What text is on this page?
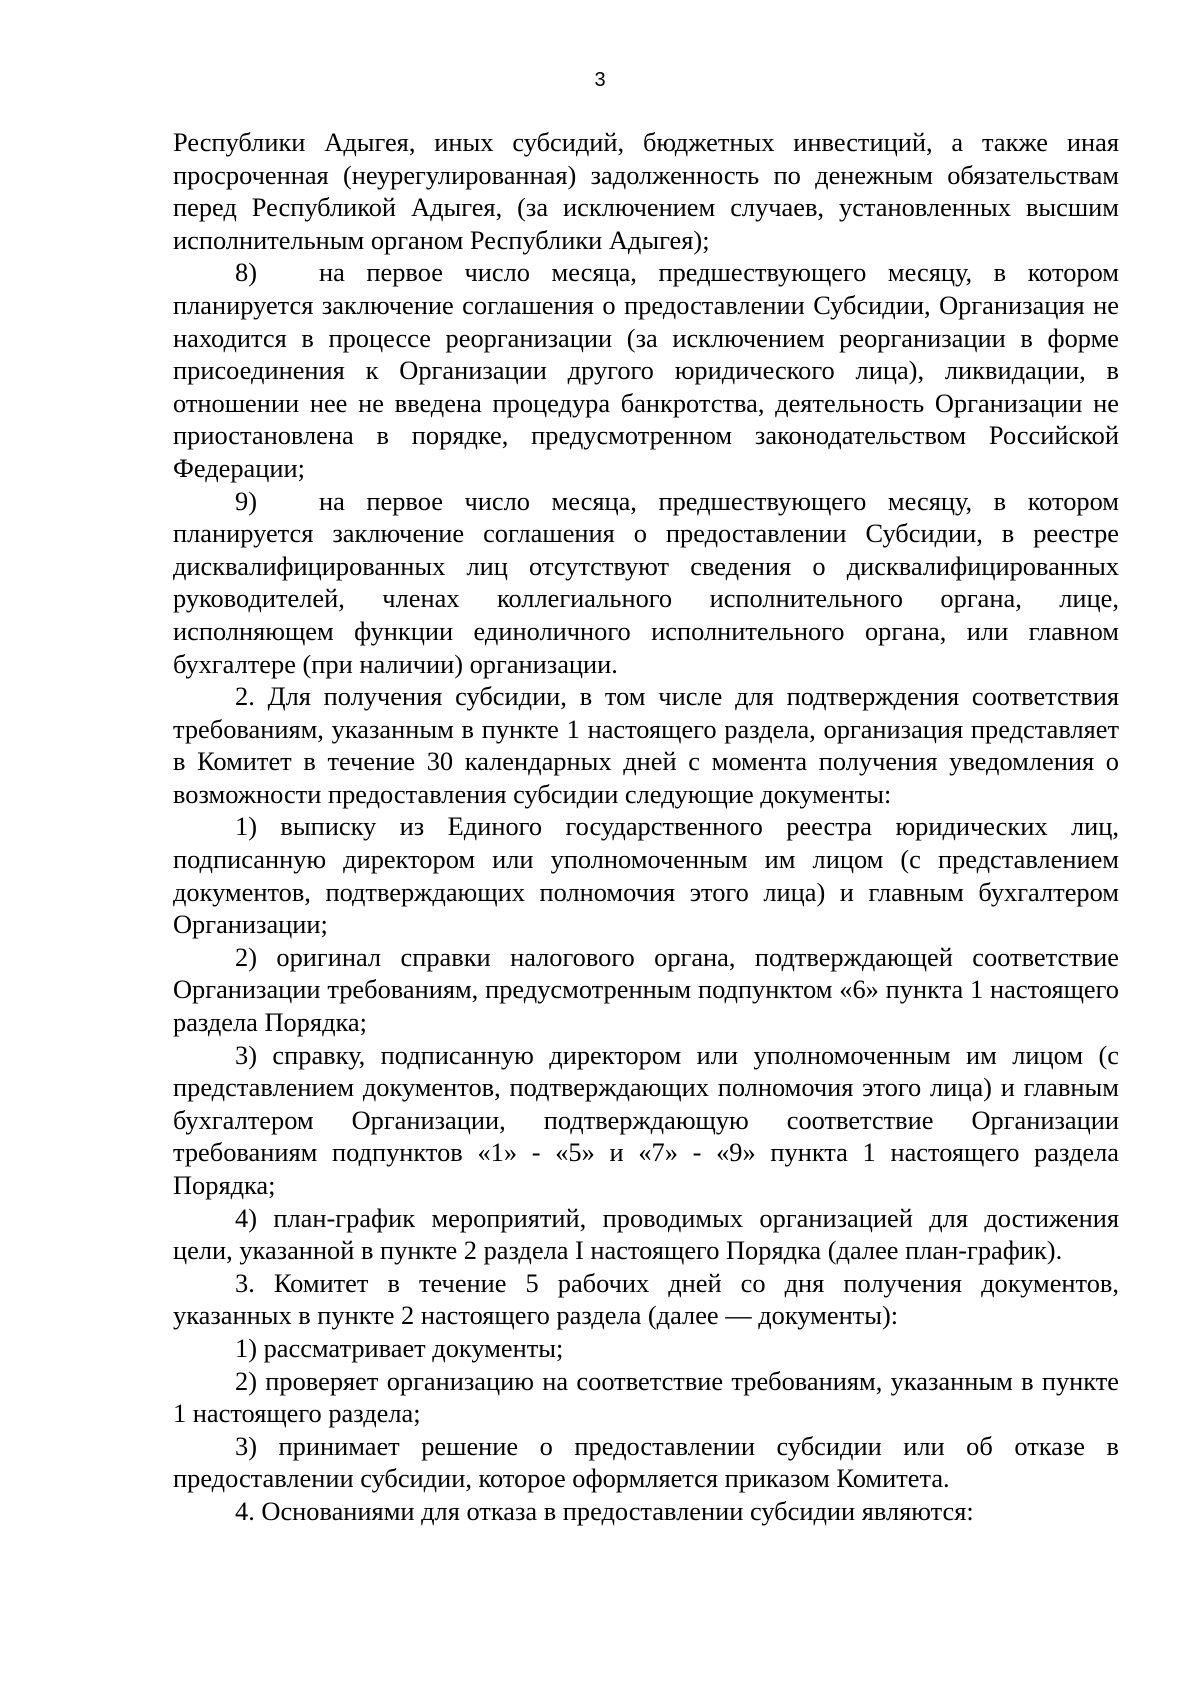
3

Республики Адыгея, иных субсидий, бюджетных инвестиций, а также иная просроченная (неурегулированная) задолженность по денежным обязательствам перед Республикой Адыгея, (за исключением случаев, установленных высшим исполнительным органом Республики Адыгея);

8) на первое число месяца, предшествующего месяцу, в котором планируется заключение соглашения о предоставлении Субсидии, Организация не находится в процессе реорганизации (за исключением реорганизации в форме присоединения к Организации другого юридического лица), ликвидации, в отношении нее не введена процедура банкротства, деятельность Организации не приостановлена в порядке, предусмотренном законодательством Российской Федерации;

9) на первое число месяца, предшествующего месяцу, в котором планируется заключение соглашения о предоставлении Субсидии, в реестре дисквалифицированных лиц отсутствуют сведения о дисквалифицированных руководителей, членах коллегиального исполнительного органа, лице, исполняющем функции единоличного исполнительного органа, или главном бухгалтере (при наличии) организации.

2. Для получения субсидии, в том числе для подтверждения соответствия требованиям, указанным в пункте 1 настоящего раздела, организация представляет в Комитет в течение 30 календарных дней с момента получения уведомления о возможности предоставления субсидии следующие документы:

1) выписку из Единого государственного реестра юридических лиц, подписанную директором или уполномоченным им лицом (с представлением документов, подтверждающих полномочия этого лица) и главным бухгалтером Организации;

2) оригинал справки налогового органа, подтверждающей соответствие Организации требованиям, предусмотренным подпунктом «6» пункта 1 настоящего раздела Порядка;

3) справку, подписанную директором или уполномоченным им лицом (с представлением документов, подтверждающих полномочия этого лица) и главным бухгалтером Организации, подтверждающую соответствие Организации требованиям подпунктов «1» - «5» и «7» - «9» пункта 1 настоящего раздела Порядка;

4) план-график мероприятий, проводимых организацией для достижения цели, указанной в пункте 2 раздела I настоящего Порядка (далее план-график).

3. Комитет в течение 5 рабочих дней со дня получения документов, указанных в пункте 2 настоящего раздела (далее — документы):

1) рассматривает документы;

2) проверяет организацию на соответствие требованиям, указанным в пункте 1 настоящего раздела;

3) принимает решение о предоставлении субсидии или об отказе в предоставлении субсидии, которое оформляется приказом Комитета.

4. Основаниями для отказа в предоставлении субсидии являются:
